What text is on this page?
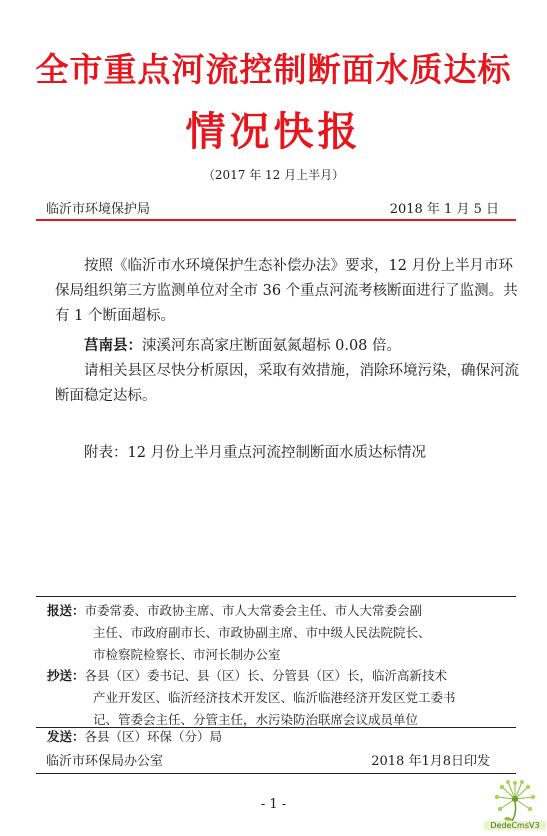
全市重点河流控制断面水质达标
情况快报
（2017 年 12 月上半月）
临沂市环境保护局	2018 年 1 月 5 日

按照《临沂市水环境保护生态补偿办法》要求，12 月份上半月市环保局组织第三方监测单位对全市 36 个重点河流考核断面进行了监测。共有 1 个断面超标。

莒南县：涑溪河东高家庄断面氨氮超标 0.08 倍。

请相关县区尽快分析原因，采取有效措施，消除环境污染，确保河流断面稳定达标。

附表：12 月份上半月重点河流控制断面水质达标情况

报送：市委常委、市政协主席、市人大常委会主任、市人大常委会副
主任、市政府副市长、市政协副主席、市中级人民法院院长、
市检察院检察长、市河长制办公室

抄送：各县（区）委书记、县（区）长、分管县（区）长，临沂高新技术
产业开发区、临沂经济技术开发区、临沂临港经济开发区党工委书
记、管委会主任、分管主任，水污染防治联席会议成员单位

发送：各县（区）环保（分）局

临沂市环保局办公室	2018 年1月8日印发
- 1 -
DedeCmsV3
